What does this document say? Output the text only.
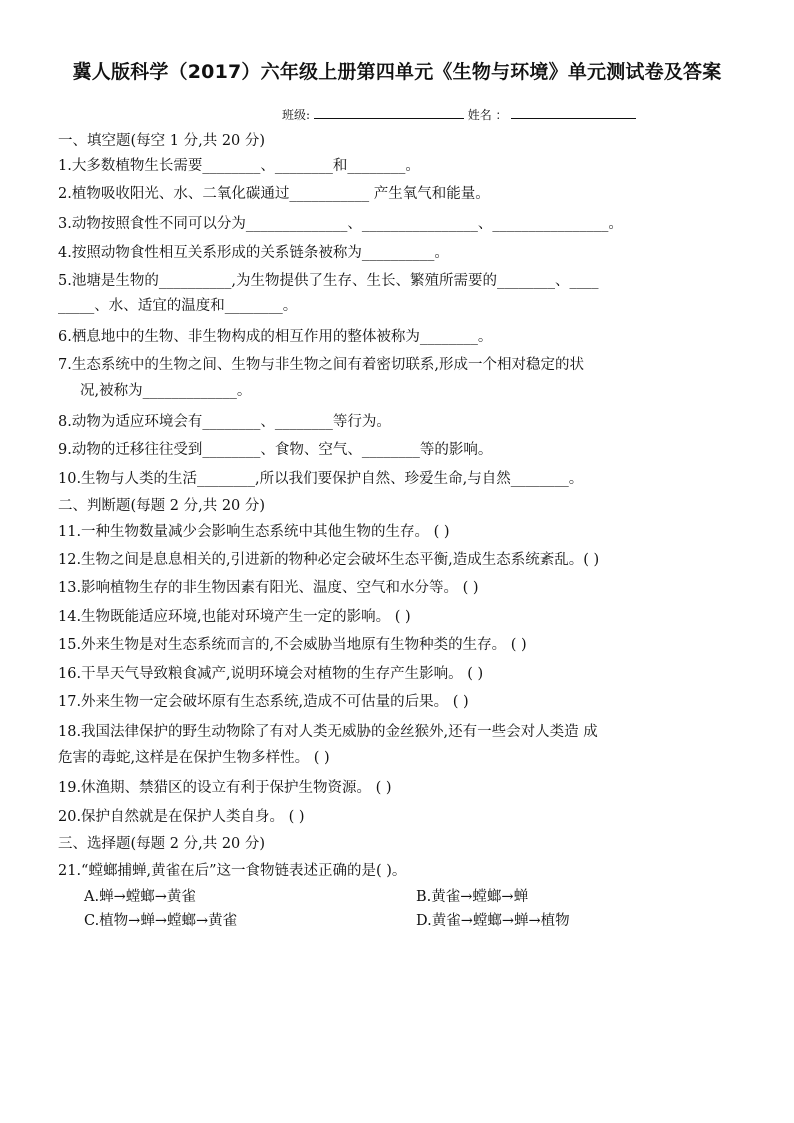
冀人版科学（2017）六年级上册第四单元《生物与环境》单元测试卷及答案
班级:	姓名 ：
一、填空题(每空 1 分,共 20 分)
1.大多数植物生长需要________、________和________。
2.植物吸收阳光、水、二氧化碳通过___________ 产生氧气和能量。
3.动物按照食性不同可以分为______________、________________、________________。
4.按照动物食性相互关系形成的关系链条被称为__________。
5.池塘是生物的__________,为生物提供了生存、生长、繁殖所需要的________、____
_____、水、适宜的温度和________。
6.栖息地中的生物、非生物构成的相互作用的整体被称为________。
7.生态系统中的生物之间、生物与非生物之间有着密切联系,形成一个相对稳定的状
况,被称为_____________。
8.动物为适应环境会有________、________等行为。
9.动物的迁移往往受到________、食物、空气、________等的影响。
10.生物与人类的生活________,所以我们要保护自然、珍爱生命,与自然________。
二、判断题(每题 2 分,共 20 分)
11.一种生物数量减少会影响生态系统中其他生物的生存。 ( )
12.生物之间是息息相关的,引进新的物种必定会破坏生态平衡,造成生态系统紊乱。( )
13.影响植物生存的非生物因素有阳光、温度、空气和水分等。 ( )
14.生物既能适应环境,也能对环境产生一定的影响。 ( )
15.外来生物是对生态系统而言的,不会威胁当地原有生物种类的生存。 ( )
16.干旱天气导致粮食减产,说明环境会对植物的生存产生影响。 ( )
17.外来生物一定会破坏原有生态系统,造成不可估量的后果。 ( )
18.我国法律保护的野生动物除了有对人类无威胁的金丝猴外,还有一些会对人类造 成
危害的毒蛇,这样是在保护生物多样性。 ( )
19.休渔期、禁猎区的设立有利于保护生物资源。 ( )
20.保护自然就是在保护人类自身。 ( )
三、选择题(每题 2 分,共 20 分)
21.“螳螂捕蝉,黄雀在后”这一食物链表述正确的是( )。
A.蝉→螳螂→黄雀	B.黄雀→螳螂→蝉
C.植物→蝉→螳螂→黄雀	D.黄雀→螳螂→蝉→植物
